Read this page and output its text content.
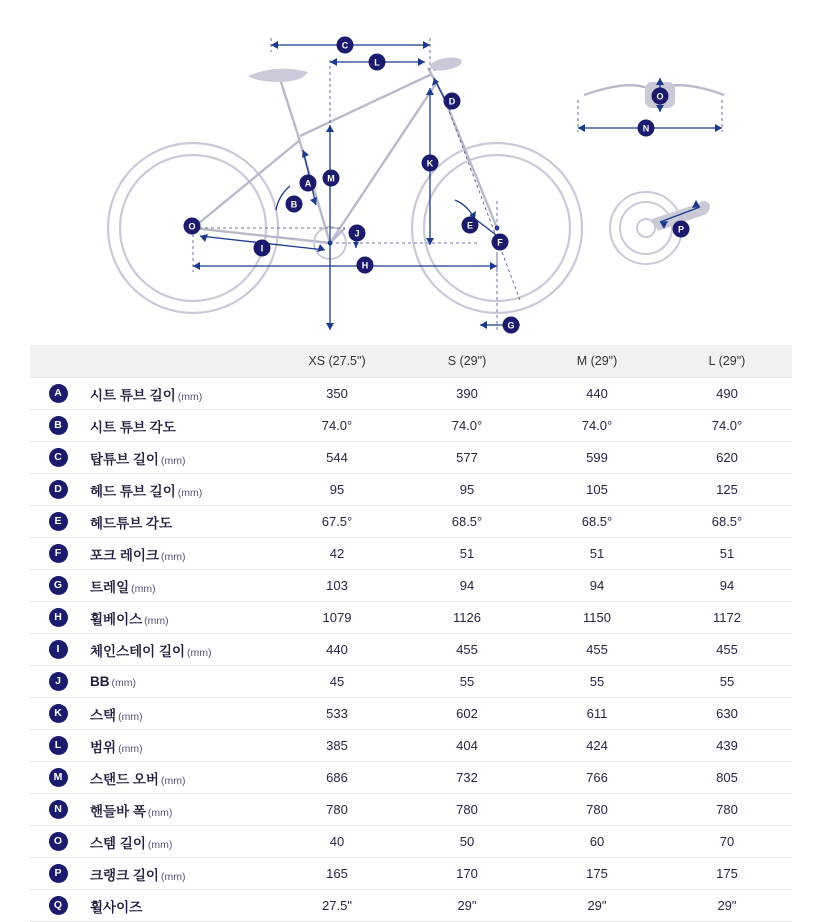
A
B
C
D
E
F
G
H
I
J
K
L
M
O
N
O
P
		XS (27.5")	S (29")	M (29")	L (29")
A	시트 튜브 길이 (mm)	350	390	440	490
B	시트 튜브 각도	74.0°	74.0°	74.0°	74.0°
C	탑튜브 길이 (mm)	544	577	599	620
D	헤드 튜브 길이 (mm)	95	95	105	125
E	헤드튜브 각도	67.5°	68.5°	68.5°	68.5°
F	포크 레이크 (mm)	42	51	51	51
G	트레일 (mm)	103	94	94	94
H	휠베이스 (mm)	1079	1126	1150	1172
I	체인스테이 길이 (mm)	440	455	455	455
J	BB (mm)	45	55	55	55
K	스택 (mm)	533	602	611	630
L	범위 (mm)	385	404	424	439
M	스탠드 오버 (mm)	686	732	766	805
N	핸들바 폭 (mm)	780	780	780	780
O	스템 길이 (mm)	40	50	60	70
P	크랭크 길이 (mm)	165	170	175	175
Q	휠사이즈	27.5"	29"	29"	29"
